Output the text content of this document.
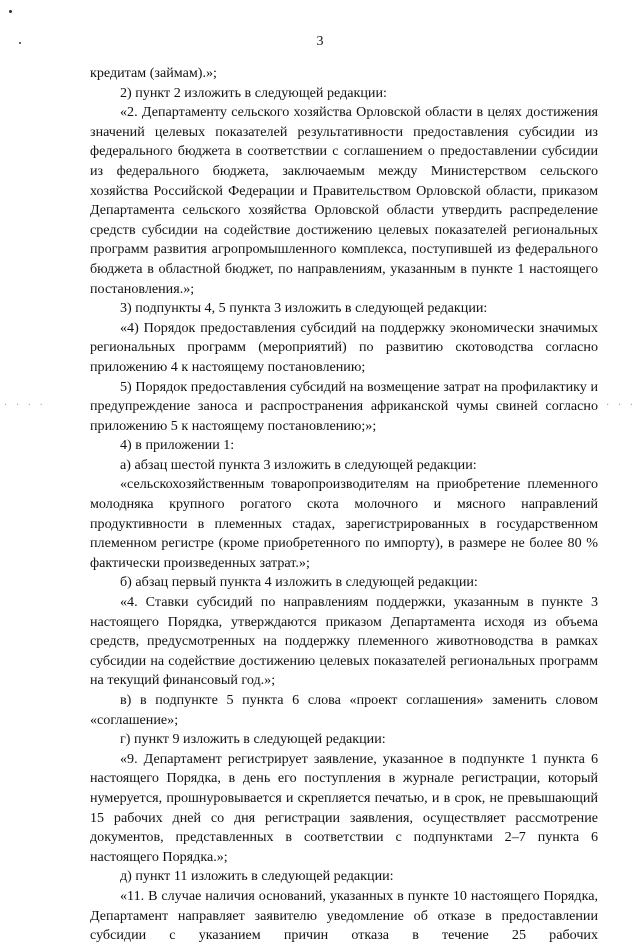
3

кредитам (займам).»;

2) пункт 2 изложить в следующей редакции:

«2. Департаменту сельского хозяйства Орловской области в целях достижения значений целевых показателей результативности предоставления субсидии из федерального бюджета в соответствии с соглашением о предоставлении субсидии из федерального бюджета, заключаемым между Министерством сельского хозяйства Российской Федерации и Правительством Орловской области, приказом Департамента сельского хозяйства Орловской области утвердить распределение средств субсидии на содействие достижению целевых показателей региональных программ развития агропромышленного комплекса, поступившей из федерального бюджета в областной бюджет, по направлениям, указанным в пункте 1 настоящего постановления.»;

3) подпункты 4, 5 пункта 3 изложить в следующей редакции:

«4) Порядок предоставления субсидий на поддержку экономически значимых региональных программ (мероприятий) по развитию скотоводства согласно приложению 4 к настоящему постановлению;

5) Порядок предоставления субсидий на возмещение затрат на профилактику и предупреждение заноса и распространения африканской чумы свиней согласно приложению 5 к настоящему постановлению;»;

4) в приложении 1:

а) абзац шестой пункта 3 изложить в следующей редакции:

«сельскохозяйственным товаропроизводителям на приобретение племенного молодняка крупного рогатого скота молочного и мясного направлений продуктивности в племенных стадах, зарегистрированных в государственном племенном регистре (кроме приобретенного по импорту), в размере не более 80 % фактически произведенных затрат.»;

б) абзац первый пункта 4 изложить в следующей редакции:

«4. Ставки субсидий по направлениям поддержки, указанным в пункте 3 настоящего Порядка, утверждаются приказом Департамента исходя из объема средств, предусмотренных на поддержку племенного животноводства в рамках субсидии на содействие достижению целевых показателей региональных программ на текущий финансовый год.»;

в) в подпункте 5 пункта 6 слова «проект соглашения» заменить словом «соглашение»;

г) пункт 9 изложить в следующей редакции:

«9. Департамент регистрирует заявление, указанное в подпункте 1 пункта 6 настоящего Порядка, в день его поступления в журнале регистрации, который нумеруется, прошнуровывается и скрепляется печатью, и в срок, не превышающий 15 рабочих дней со дня регистрации заявления, осуществляет рассмотрение документов, представленных в соответствии с подпунктами 2–7 пункта 6 настоящего Порядка.»;

д) пункт 11 изложить в следующей редакции:

«11. В случае наличия оснований, указанных в пункте 10 настоящего Порядка, Департамент направляет заявителю уведомление об отказе в предоставлении субсидии с указанием причин отказа в течение 25 рабочих

· · · ·	· · · · ·
